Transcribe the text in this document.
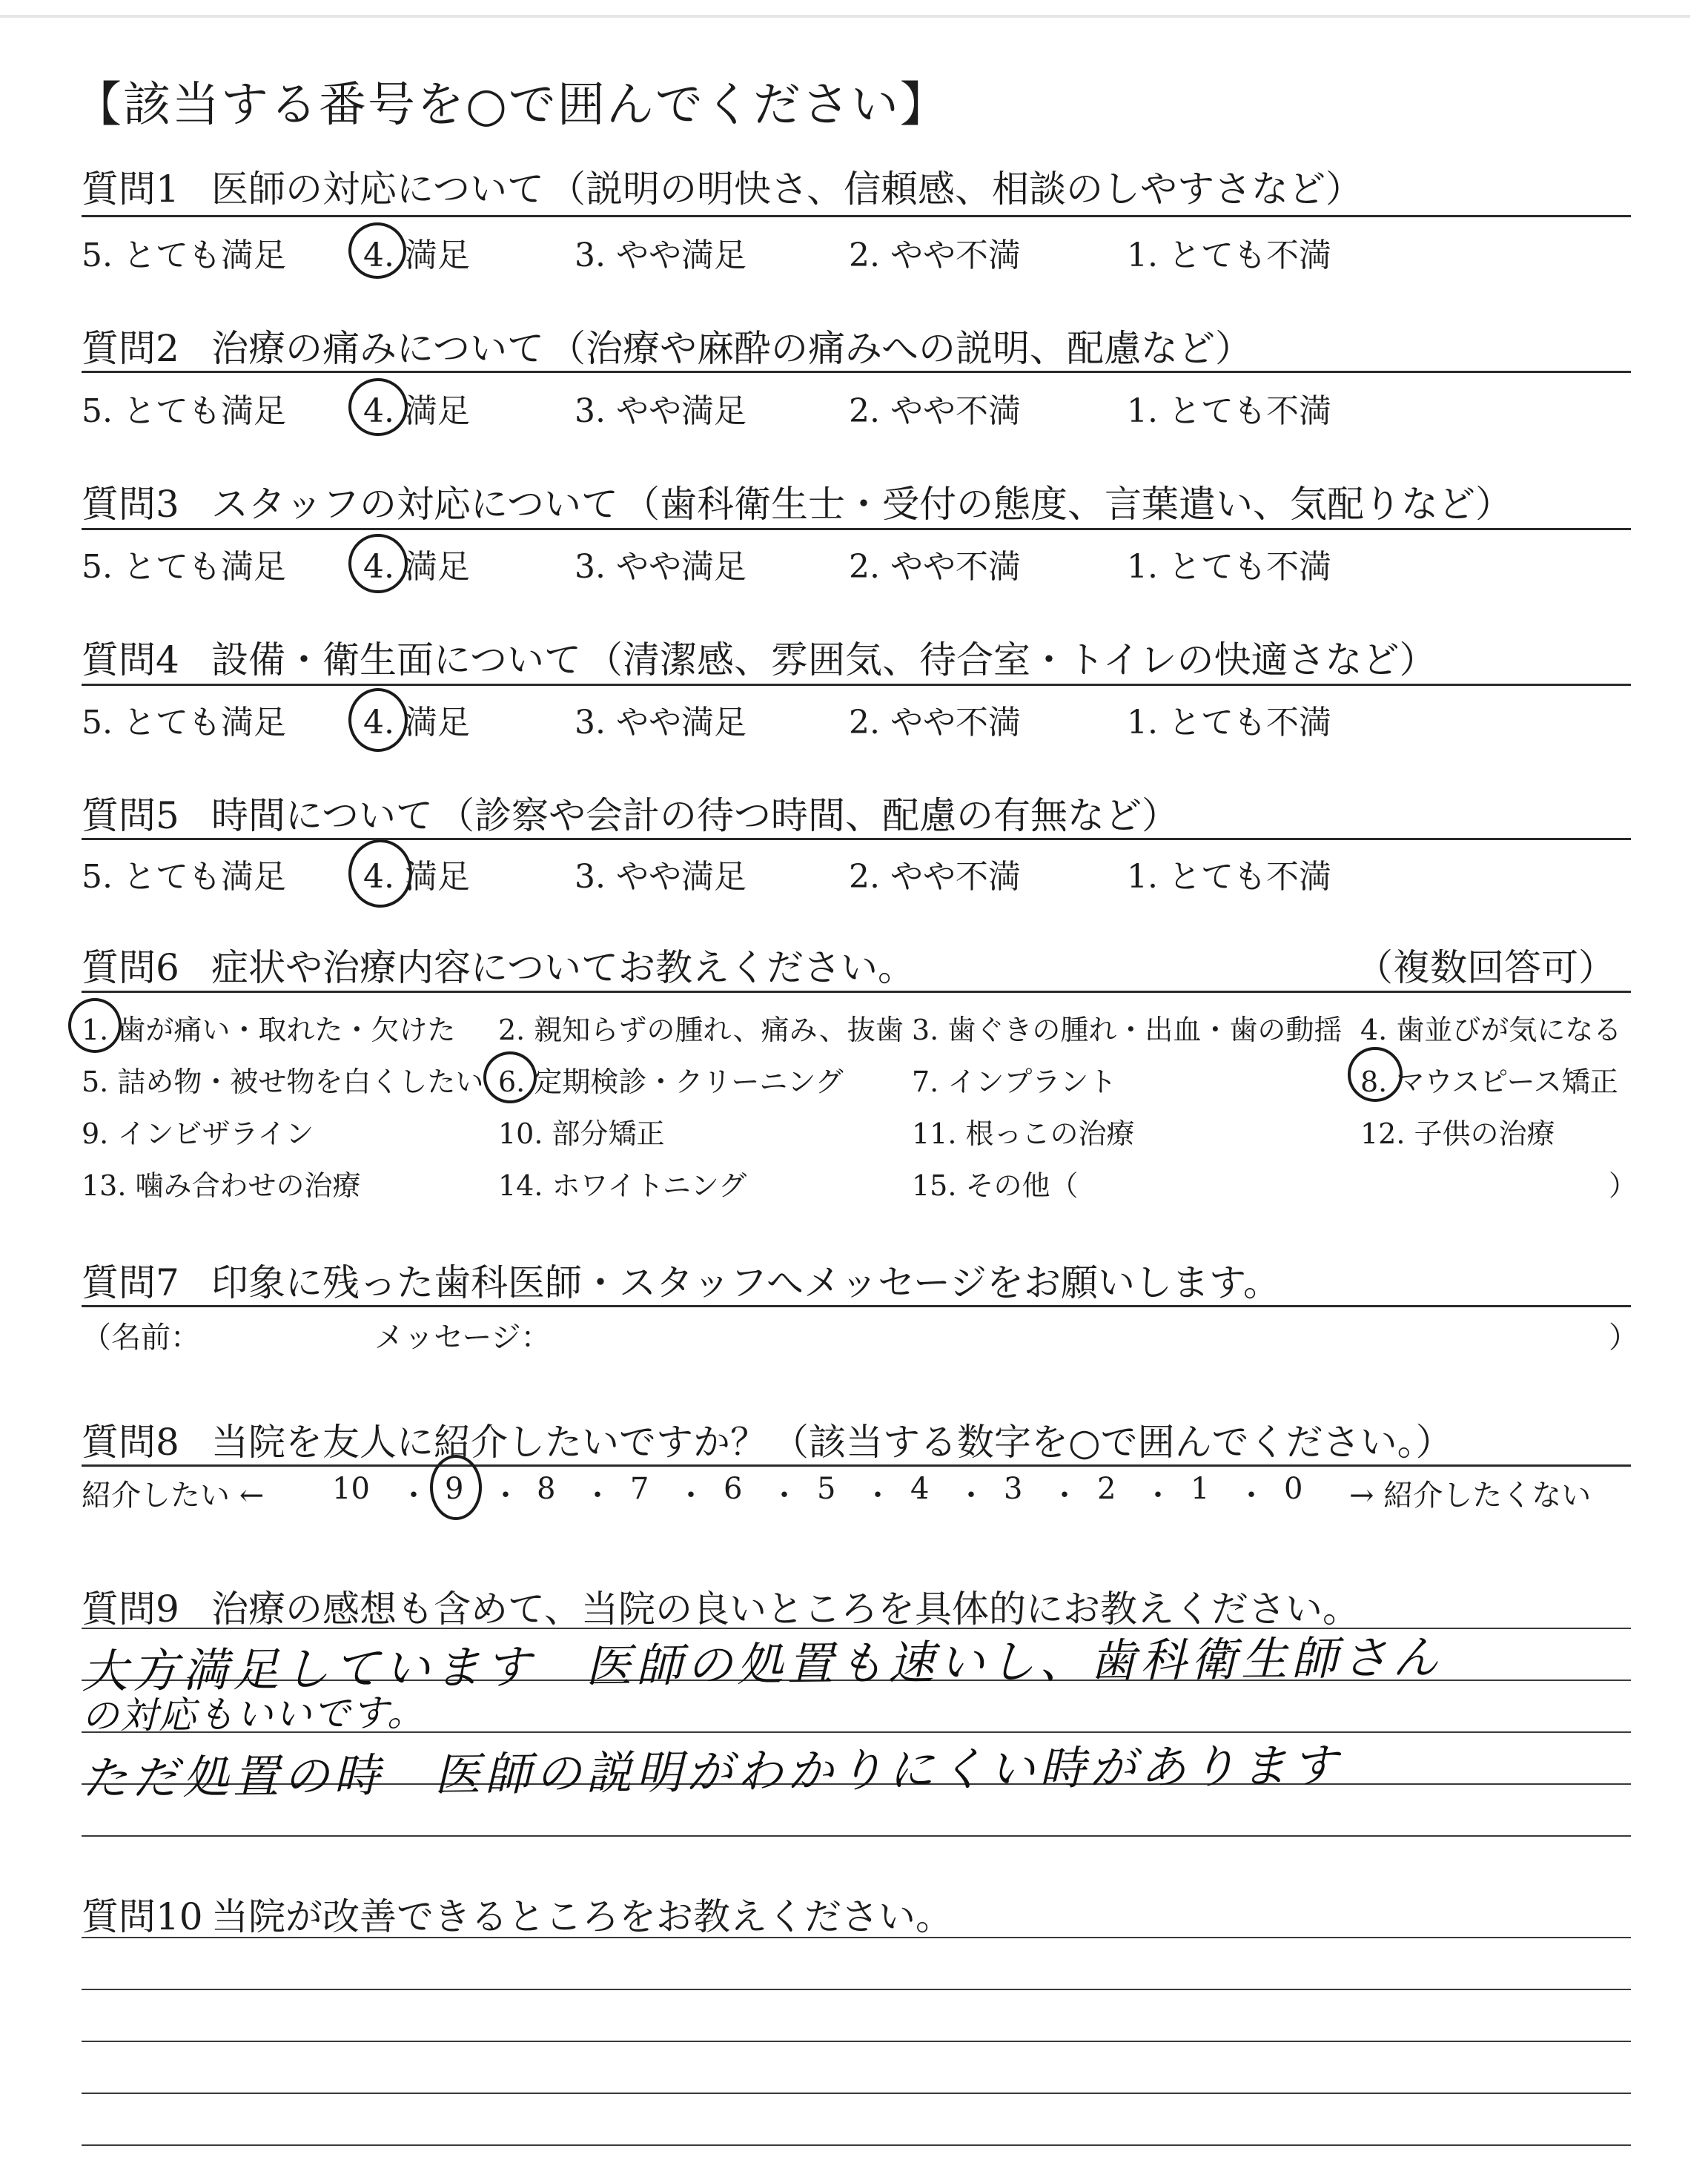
【該当する番号を○で囲んでください】
質問1 医師の対応について （説明の明快さ、信頼感、相談のしやすさなど）
5. とても満足 4. 満足	3. やや満足	2. やや不満	1. とても不満
質問2 治療の痛みについて （治療や麻酔の痛みへの説明、配慮など）
5. とても満足 4. 満足	3. やや満足	2. やや不満	1. とても不満
質問3 スタッフの対応について （歯科衛生士・受付の態度、言葉遣い、気配りなど）
5. とても満足 4. 満足	3. やや満足	2. やや不満	1. とても不満
質問4 設備・衛生面について （清潔感、雰囲気、待合室・トイレの快適さなど）
5. とても満足 4. 満足	3. やや満足	2. やや不満	1. とても不満
質問5 時間について （診察や会計の待つ時間、配慮の有無など）
5. とても満足 4. 満足	3. やや満足	2. やや不満	1. とても不満
質問6 症状や治療内容についてお教えください。	（複数回答可）
1. 歯が痛い・取れた・欠けた 2. 親知らずの腫れ、痛み、抜歯 3. 歯ぐきの腫れ・出血・歯の動揺 4. 歯並びが気になる
5. 詰め物・被せ物を白くしたい 6. 定期検診・クリーニング 7. インプラント	8. マウスピース矯正
9. インビザライン	10. 部分矯正	11. 根っこの治療	12. 子供の治療
13. 噛み合わせの治療	14. ホワイトニング	15. その他（	）
質問7 印象に残った歯科医師・スタッフへメッセージをお願いします。
（名前：	メッセージ：	）
質問8 当院を友人に紹介したいですか？ （該当する数字を○で囲んでください。）
紹介したい ← 10 ・ 9 ・ 8 ・ 7 ・ 6 ・ 5 ・ 4 ・ 3 ・ 2 ・ 1 ・ 0 → 紹介したくない
質問9 治療の感想も含めて、当院の良いところを具体的にお教えください。
大方満足しています　医師の処置も速いし、歯科衛生師さん
の対応もいいです。
ただ処置の時　医師の説明がわかりにくい時があります
質問10 当院が改善できるところをお教えください。
